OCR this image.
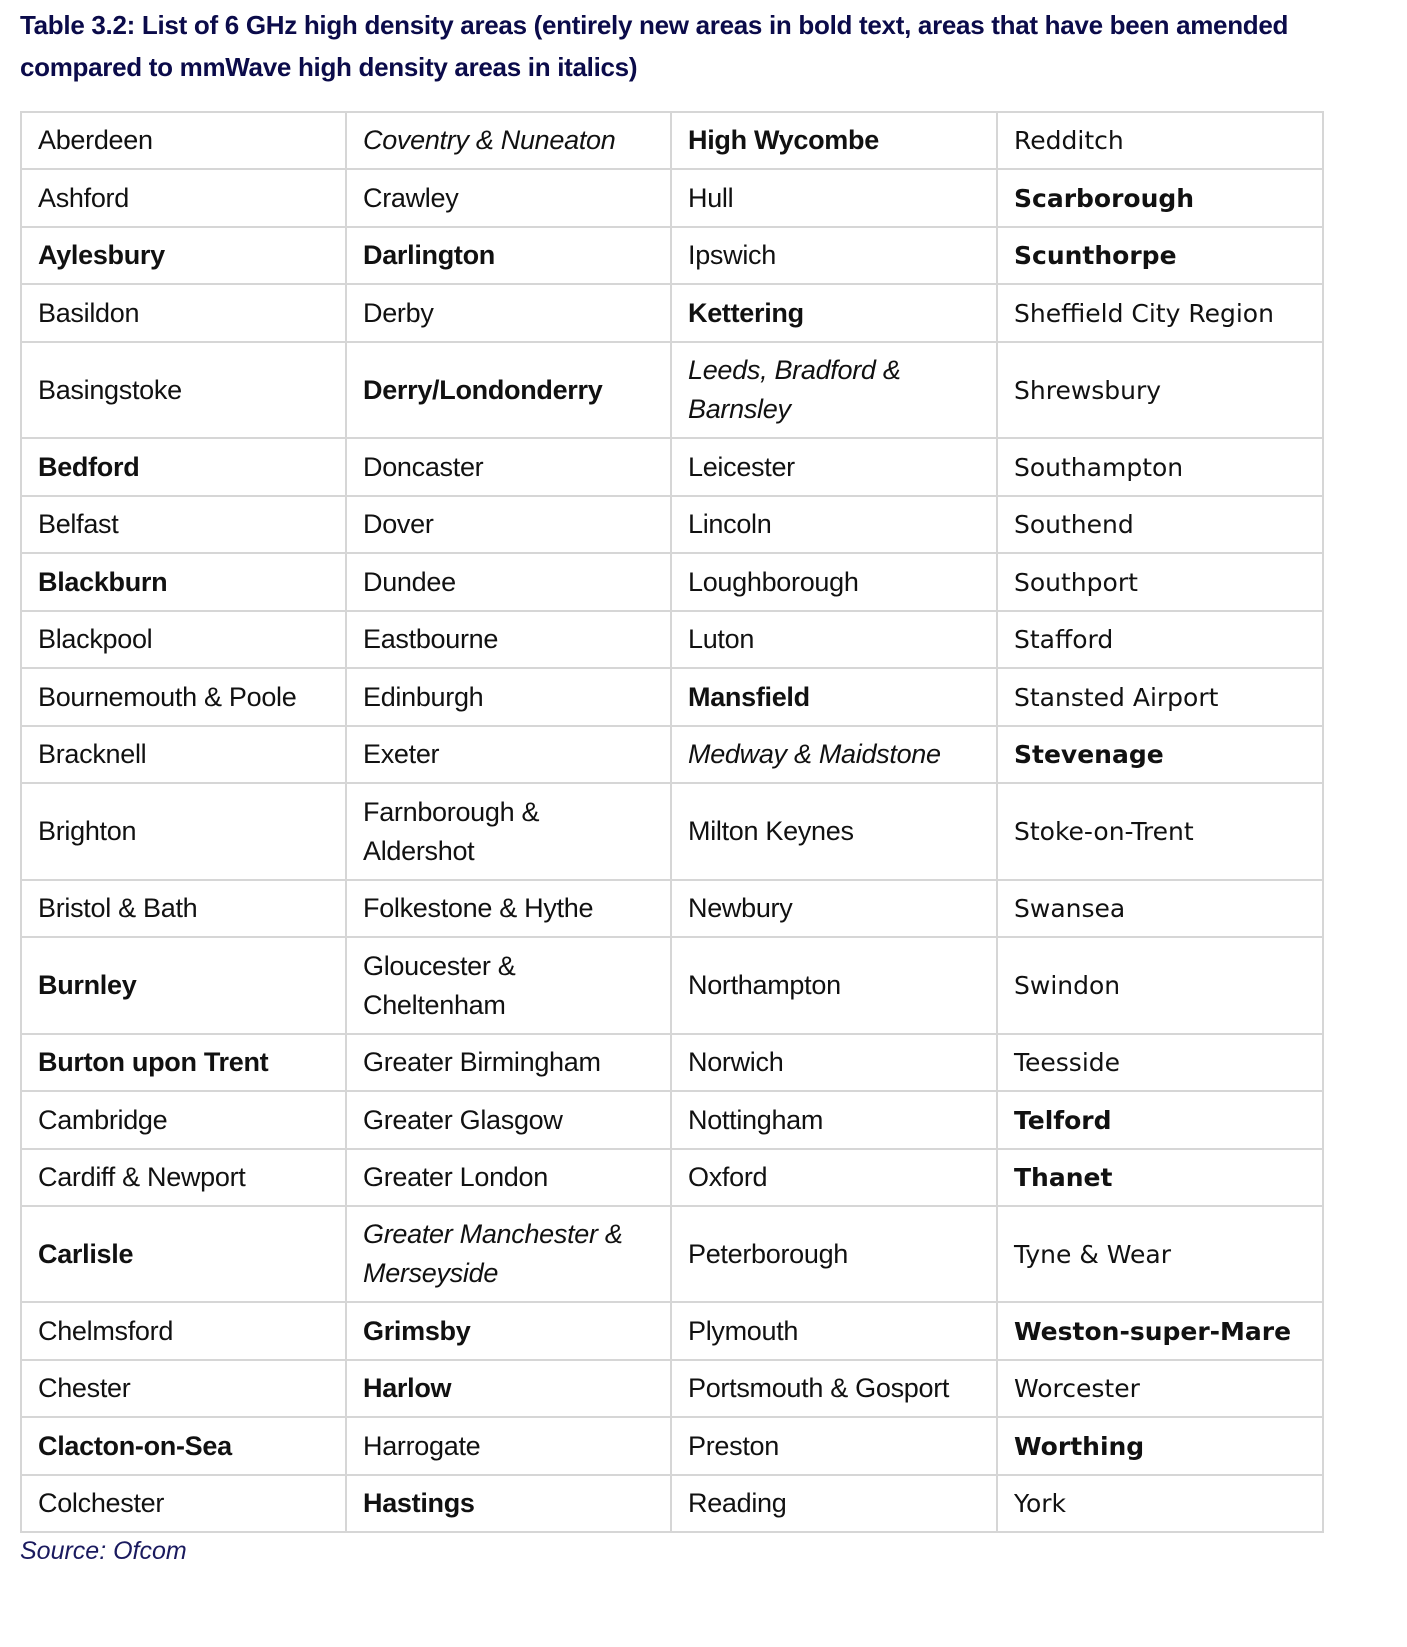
Table 3.2: List of 6 GHz high density areas (entirely new areas in bold text, areas that have been amended compared to mmWave high density areas in italics)
Aberdeen	Coventry & Nuneaton	High Wycombe	Redditch
Ashford	Crawley	Hull	Scarborough
Aylesbury	Darlington	Ipswich	Scunthorpe
Basildon	Derby	Kettering	Sheffield City Region
Basingstoke	Derry/Londonderry	Leeds, Bradford & Barnsley	Shrewsbury
Bedford	Doncaster	Leicester	Southampton
Belfast	Dover	Lincoln	Southend
Blackburn	Dundee	Loughborough	Southport
Blackpool	Eastbourne	Luton	Stafford
Bournemouth & Poole	Edinburgh	Mansfield	Stansted Airport
Bracknell	Exeter	Medway & Maidstone	Stevenage
Brighton	Farnborough & Aldershot	Milton Keynes	Stoke-on-Trent
Bristol & Bath	Folkestone & Hythe	Newbury	Swansea
Burnley	Gloucester & Cheltenham	Northampton	Swindon
Burton upon Trent	Greater Birmingham	Norwich	Teesside
Cambridge	Greater Glasgow	Nottingham	Telford
Cardiff & Newport	Greater London	Oxford	Thanet
Carlisle	Greater Manchester & Merseyside	Peterborough	Tyne & Wear
Chelmsford	Grimsby	Plymouth	Weston-super-Mare
Chester	Harlow	Portsmouth & Gosport	Worcester
Clacton-on-Sea	Harrogate	Preston	Worthing
Colchester	Hastings	Reading	York
Source: Ofcom
